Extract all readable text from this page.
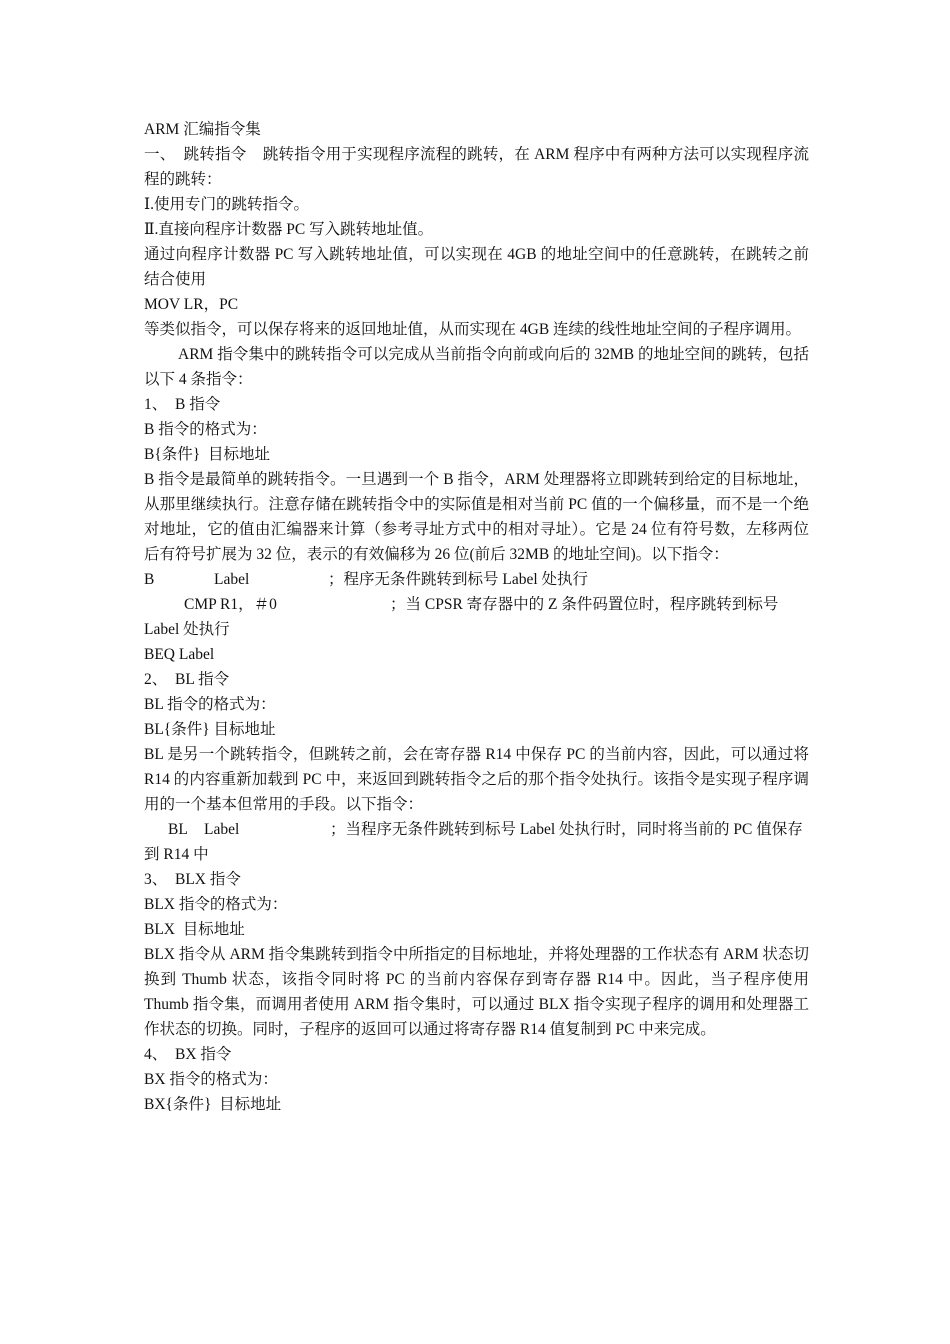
ARM 汇编指令集

一、  跳转指令    跳转指令用于实现程序流程的跳转，在 ARM 程序中有两种方法可以实现程序流程的跳转：

Ⅰ.使用专门的跳转指令。

Ⅱ.直接向程序计数器 PC 写入跳转地址值。

通过向程序计数器 PC 写入跳转地址值，可以实现在 4GB 的地址空间中的任意跳转，在跳转之前结合使用

MOV LR，PC

等类似指令，可以保存将来的返回地址值，从而实现在 4GB 连续的线性地址空间的子程序调用。

ARM 指令集中的跳转指令可以完成从当前指令向前或向后的 32MB 的地址空间的跳转，包括以下 4 条指令：

1、  B 指令

B 指令的格式为：

B{条件}  目标地址

B 指令是最简单的跳转指令。一旦遇到一个 B 指令，ARM 处理器将立即跳转到给定的目标地址，从那里继续执行。注意存储在跳转指令中的实际值是相对当前 PC 值的一个偏移量，而不是一个绝对地址，它的值由汇编器来计算（参考寻址方式中的相对寻址）。它是 24 位有符号数，左移两位后有符号扩展为 32 位，表示的有效偏移为 26 位(前后 32MB 的地址空间)。以下指令：

B	Label	；程序无条件跳转到标号 Label 处执行
CMP R1，＃0	；当 CPSR 寄存器中的 Z 条件码置位时，程序跳转到标号

Label 处执行

BEQ Label

2、  BL 指令

BL 指令的格式为：

BL{条件} 目标地址

BL 是另一个跳转指令，但跳转之前，会在寄存器 R14 中保存 PC 的当前内容，因此，可以通过将 R14 的内容重新加载到 PC 中，来返回到跳转指令之后的那个指令处执行。该指令是实现子程序调用的一个基本但常用的手段。以下指令：

BL	Label	；当程序无条件跳转到标号 Label 处执行时，同时将当前的 PC 值保存

到 R14 中

3、  BLX 指令

BLX 指令的格式为：

BLX  目标地址

BLX 指令从 ARM 指令集跳转到指令中所指定的目标地址，并将处理器的工作状态有 ARM 状态切换到 Thumb 状态，该指令同时将 PC 的当前内容保存到寄存器 R14 中。因此，当子程序使用 Thumb 指令集，而调用者使用 ARM 指令集时，可以通过 BLX 指令实现子程序的调用和处理器工作状态的切换。同时，子程序的返回可以通过将寄存器 R14 值复制到 PC 中来完成。

4、  BX 指令

BX 指令的格式为：

BX{条件}  目标地址
